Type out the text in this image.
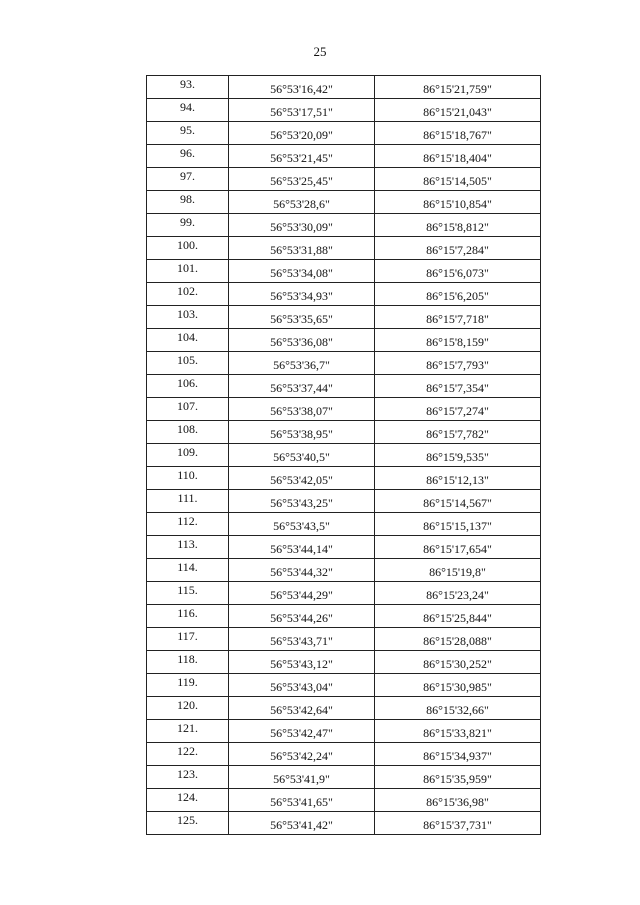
25
93.	56°53'16,42"	86°15'21,759"
94.	56°53'17,51"	86°15'21,043"
95.	56°53'20,09"	86°15'18,767"
96.	56°53'21,45"	86°15'18,404"
97.	56°53'25,45"	86°15'14,505"
98.	56°53'28,6"	86°15'10,854"
99.	56°53'30,09"	86°15'8,812"
100.	56°53'31,88"	86°15'7,284"
101.	56°53'34,08"	86°15'6,073"
102.	56°53'34,93"	86°15'6,205"
103.	56°53'35,65"	86°15'7,718"
104.	56°53'36,08"	86°15'8,159"
105.	56°53'36,7"	86°15'7,793"
106.	56°53'37,44"	86°15'7,354"
107.	56°53'38,07"	86°15'7,274"
108.	56°53'38,95"	86°15'7,782"
109.	56°53'40,5"	86°15'9,535"
110.	56°53'42,05"	86°15'12,13"
111.	56°53'43,25"	86°15'14,567"
112.	56°53'43,5"	86°15'15,137"
113.	56°53'44,14"	86°15'17,654"
114.	56°53'44,32"	86°15'19,8"
115.	56°53'44,29"	86°15'23,24"
116.	56°53'44,26"	86°15'25,844"
117.	56°53'43,71"	86°15'28,088"
118.	56°53'43,12"	86°15'30,252"
119.	56°53'43,04"	86°15'30,985"
120.	56°53'42,64"	86°15'32,66"
121.	56°53'42,47"	86°15'33,821"
122.	56°53'42,24"	86°15'34,937"
123.	56°53'41,9"	86°15'35,959"
124.	56°53'41,65"	86°15'36,98"
125.	56°53'41,42"	86°15'37,731"
